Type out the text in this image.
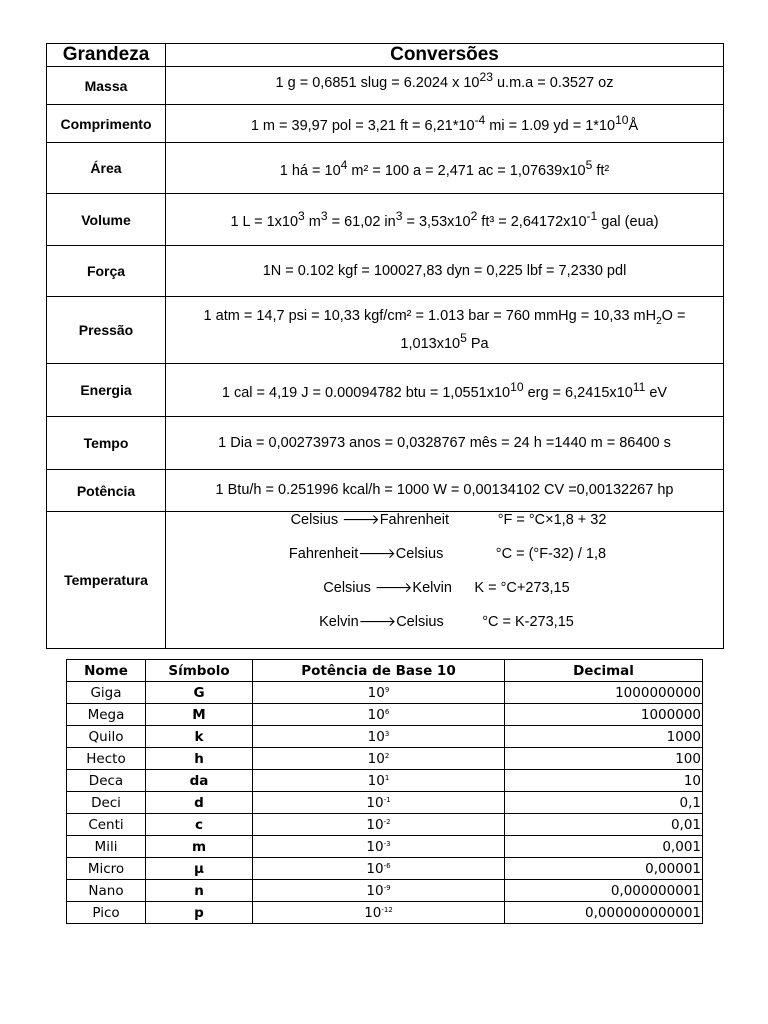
Grandeza	Conversões
Massa	1 g = 0,6851 slug = 6.2024 x $10^{23}$ u.m.a = 0.3527 oz
Comprimento	1 m = 39,97 pol = 3,21 ft = $6,21*10^{-4}$ mi = 1.09 yd = $1*10^{10}Å$
Área	1 há = $10^4$ m² = 100 a = 2,471 ac = $1,07639x10^5$ ft²
Volume	1 $L = 1x10^3$ $m^3 = 61,02$ $in^3 = 3,53x10^2$ $ft^3 = 2,64172x10^{-1}$ gal (eua)
Força	1N = 0.102 kgf = 100027,83 dyn = 0,225 lbf = 7,2330 pdl
Pressão	1 atm = 14,7 psi = 10,33 kgf/cm² = 1.013 bar = 760 mmHg = 10,33 $mH_2O$ =
$1,013x10^5$ Pa
Energia	1 cal = 4,19 J = 0.00094782 btu = $1,0551x10^{10}$ erg = $6,2415x10^{11}$ eV
Tempo	1 Dia = 0,00273973 anos = 0,0328767 mês = 24 h =1440 m = 86400 s
Potência	1 Btu/h = 0.251996 kcal/h = 1000 W = 0,00134102 CV =0,00132267 hp
Temperatura	Celsius 🡒Fahrenheit °F = °C×1,8 + 32
Fahrenheit🡒Celsius °C = (°F-32) / 1,8
Celsius 🡒Kelvin K = °C+273,15
Kelvin🡒Celsius °C = K-273,15
Nome	Símbolo	Potência de Base 10	Decimal
Giga	G	$10^9$	1000000000
Mega	M	$10^6$	1000000
Quilo	k	$10^3$	1000
Hecto	h	$10^2$	100
Deca	da	$10^1$	10
Deci	d	$10^{-1}$	0,1
Centi	c	$10^{-2}$	0,01
Mili	m	$10^{-3}$	0,001
Micro	µ	$10^{-6}$	0,00001
Nano	n	$10^{-9}$	0,000000001
Pico	p	$10^{-12}$	0,000000000001
